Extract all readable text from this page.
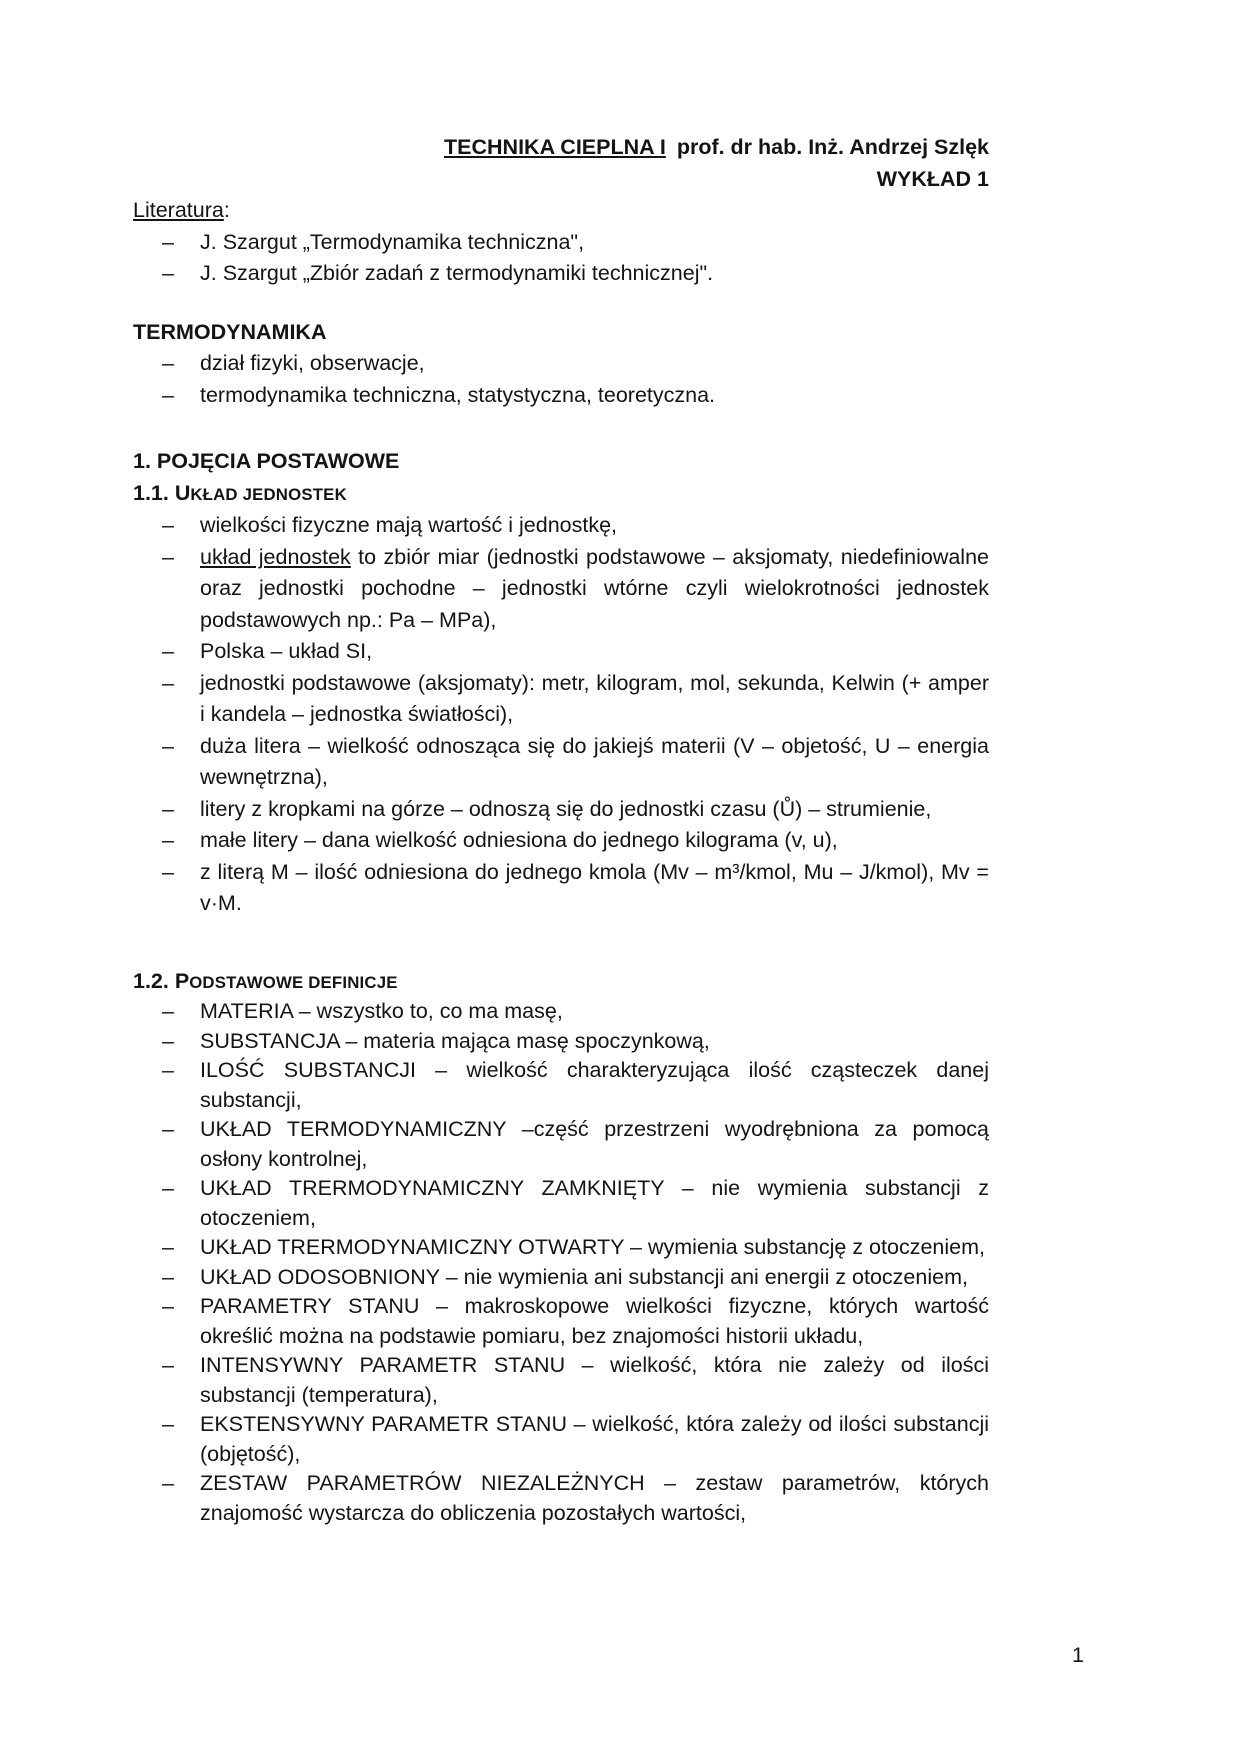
TECHNIKA CIEPLNA I prof. dr hab. Inż. Andrzej Szlęk
WYKŁAD 1
Literatura:
– J. Szargut „Termodynamika techniczna",
– J. Szargut „Zbiór zadań z termodynamiki technicznej".
TERMODYNAMIKA
– dział fizyki, obserwacje,
– termodynamika techniczna, statystyczna, teoretyczna.
1. POJĘCIA POSTAWOWE
1.1. UKŁAD JEDNOSTEK
– wielkości fizyczne mają wartość i jednostkę,
– układ jednostek to zbiór miar (jednostki podstawowe – aksjomaty, niedefiniowalne oraz jednostki pochodne – jednostki wtórne czyli wielokrotności jednostek podstawowych np.: Pa – MPa),
– Polska – układ SI,
– jednostki podstawowe (aksjomaty): metr, kilogram, mol, sekunda, Kelwin (+ amper i kandela – jednostka światłości),
– duża litera – wielkość odnosząca się do jakiejś materii (V – objetość, U – energia wewnętrzna),
– litery z kropkami na górze – odnoszą się do jednostki czasu (Ů) – strumienie,
– małe litery – dana wielkość odniesiona do jednego kilograma (v, u),
– z literą M – ilość odniesiona do jednego kmola (Mv – m³/kmol, Mu – J/kmol), Mv = v·M.
1.2. PODSTAWOWE DEFINICJE
– MATERIA – wszystko to, co ma masę,
– SUBSTANCJA – materia mająca masę spoczynkową,
– ILOŚĆ SUBSTANCJI – wielkość charakteryzująca ilość cząsteczek danej substancji,
– UKŁAD TERMODYNAMICZNY –część przestrzeni wyodrębniona za pomocą osłony kontrolnej,
– UKŁAD TRERMODYNAMICZNY ZAMKNIĘTY – nie wymienia substancji z otoczeniem,
– UKŁAD TRERMODYNAMICZNY OTWARTY – wymienia substancję z otoczeniem,
– UKŁAD ODOSOBNIONY – nie wymienia ani substancji ani energii z otoczeniem,
– PARAMETRY STANU – makroskopowe wielkości fizyczne, których wartość określić można na podstawie pomiaru, bez znajomości historii układu,
– INTENSYWNY PARAMETR STANU – wielkość, która nie zależy od ilości substancji (temperatura),
– EKSTENSYWNY PARAMETR STANU – wielkość, która zależy od ilości substancji (objętość),
– ZESTAW PARAMETRÓW NIEZALEŻNYCH – zestaw parametrów, których znajomość wystarcza do obliczenia pozostałych wartości,
1
